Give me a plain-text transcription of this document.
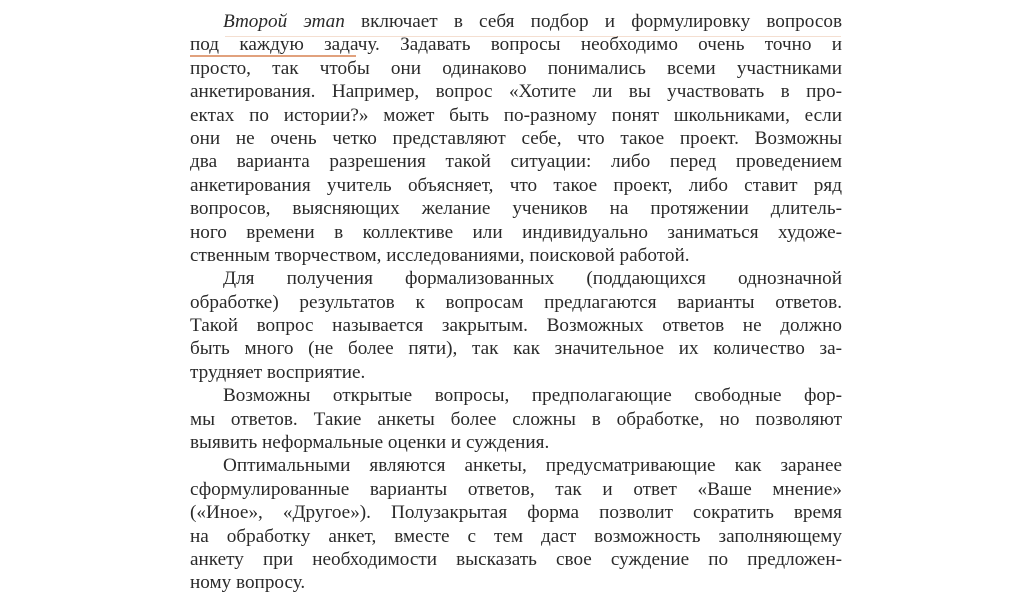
Второй этап включает в себя подбор и формулировку вопросов
под каждую задачу. Задавать вопросы необходимо очень точно и
просто, так чтобы они одинаково понимались всеми участниками
анкетирования. Например, вопрос «Хотите ли вы участвовать в про-
ектах по истории?» может быть по-разному понят школьниками, если
они не очень четко представляют себе, что такое проект. Возможны
два варианта разрешения такой ситуации: либо перед проведением
анкетирования учитель объясняет, что такое проект, либо ставит ряд
вопросов, выясняющих желание учеников на протяжении длитель-
ного времени в коллективе или индивидуально заниматься художе-
ственным творчеством, исследованиями, поисковой работой.
Для получения формализованных (поддающихся однозначной
обработке) результатов к вопросам предлагаются варианты ответов.
Такой вопрос называется закрытым. Возможных ответов не должно
быть много (не более пяти), так как значительное их количество за-
трудняет восприятие.
Возможны открытые вопросы, предполагающие свободные фор-
мы ответов. Такие анкеты более сложны в обработке, но позволяют
выявить неформальные оценки и суждения.
Оптимальными являются анкеты, предусматривающие как заранее
сформулированные варианты ответов, так и ответ «Ваше мнение»
(«Иное», «Другое»). Полузакрытая форма позволит сократить время
на обработку анкет, вместе с тем даст возможность заполняющему
анкету при необходимости высказать свое суждение по предложен-
ному вопросу.
